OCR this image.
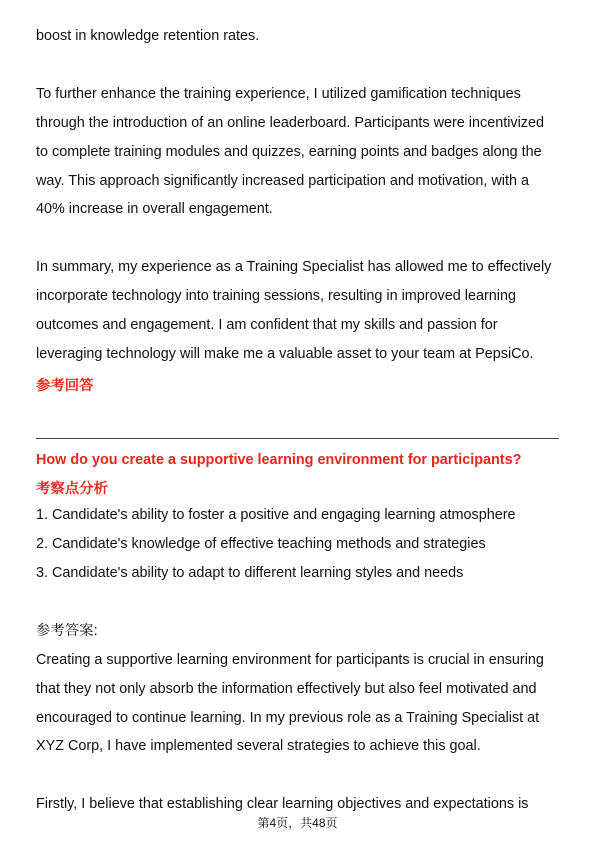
boost in knowledge retention rates.
To further enhance the training experience, I utilized gamification techniques
through the introduction of an online leaderboard. Participants were incentivized
to complete training modules and quizzes, earning points and badges along the
way. This approach significantly increased participation and motivation, with a
40% increase in overall engagement.
In summary, my experience as a Training Specialist has allowed me to effectively
incorporate technology into training sessions, resulting in improved learning
outcomes and engagement. I am confident that my skills and passion for
leveraging technology will make me a valuable asset to your team at PepsiCo.
参考回答
How do you create a supportive learning environment for participants?
考察点分析
1. Candidate's ability to foster a positive and engaging learning atmosphere
2. Candidate's knowledge of effective teaching methods and strategies
3. Candidate's ability to adapt to different learning styles and needs
参考答案:
Creating a supportive learning environment for participants is crucial in ensuring
that they not only absorb the information effectively but also feel motivated and
encouraged to continue learning. In my previous role as a Training Specialist at
XYZ Corp, I have implemented several strategies to achieve this goal.
Firstly, I believe that establishing clear learning objectives and expectations is
第4页，共48页
